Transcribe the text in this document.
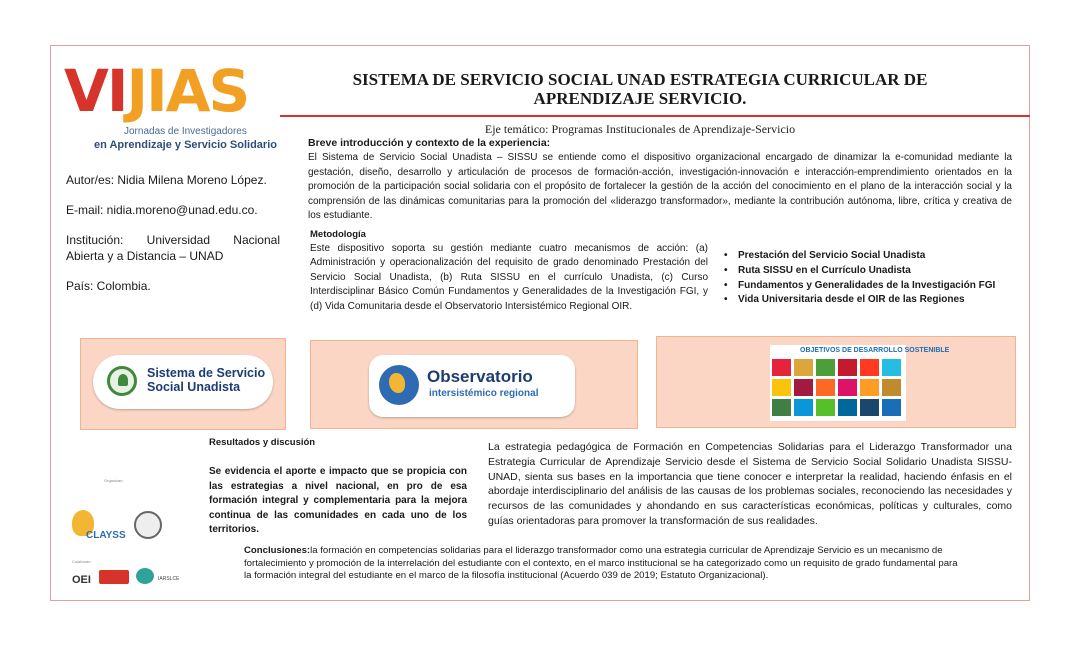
VIJIAS
Jornadas de Investigadores
en Aprendizaje y Servicio Solidario
SISTEMA DE SERVICIO SOCIAL UNAD ESTRATEGIA CURRICULAR DE
APRENDIZAJE SERVICIO.
Eje temático: Programas Institucionales de Aprendizaje-Servicio
Breve introducción y contexto de la experiencia:
El Sistema de Servicio Social Unadista – SISSU se entiende como el dispositivo organizacional encargado de dinamizar la e-comunidad mediante la gestación, diseño, desarrollo y articulación de procesos de formación-acción, investigación-innovación e interacción-emprendimiento orientados en la promoción de la participación social solidaria con el propósito de fortalecer la gestión de la acción del conocimiento en el plano de la interacción social y la comprensión de las dinámicas comunitarias para la promoción del «liderazgo transformador», mediante la contribución autónoma, libre, crítica y creativa de los estudiante.

Autor/es: Nidia Milena Moreno López.

E-mail: nidia.moreno@unad.edu.co.

Institución: Universidad Nacional Abierta y a Distancia – UNAD

País: Colombia.

Metodología
Este dispositivo soporta su gestión mediante cuatro mecanismos de acción: (a) Administración y operacionalización del requisito de grado denominado Prestación del Servicio Social Unadista, (b) Ruta SISSU en el currículo Unadista, (c) Curso Interdisciplinar Básico Común Fundamentos y Generalidades de la Investigación FGI, y (d) Vida Comunitaria desde el Observatorio Intersistémico Regional OIR.
• Prestación del Servicio Social Unadista
• Ruta SISSU en el Currículo Unadista
• Fundamentos y Generalidades de la Investigación FGI
• Vida Universitaria desde el OIR de las Regiones
Sistema de Servicio
Social Unadista
Observatorio
intersistémico regional
OBJETIVOS DE DESARROLLO SOSTENIBLE
Resultados y discusión
Se evidencia el aporte e impacto que se propicia con las estrategias a nivel nacional, en pro de esa formación integral y complementaria para la mejora continua de las comunidades en cada uno de los territorios.
La estrategia pedagógica de Formación en Competencias Solidarias para el Liderazgo Transformador una Estrategia Curricular de Aprendizaje Servicio desde el Sistema de Servicio Social Solidario Unadista SISSU-UNAD, sienta sus bases en la importancia que tiene conocer e interpretar la realidad, haciendo énfasis en el abordaje interdisciplinario del análisis de las causas de los problemas sociales, reconociendo las necesidades y recursos de las comunidades y ahondando en sus características económicas, políticas y culturales, como guías orientadoras para promover la transformación de sus realidades.
Organizan:
CLAYSS
Colaboran:
OEI	IARSLCE
Conclusiones:la formación en competencias solidarias para el liderazgo transformador como una estrategia curricular de Aprendizaje Servicio es un mecanismo de fortalecimiento y promoción de la interrelación del estudiante con el contexto, en el marco institucional se ha categorizado como un requisito de grado fundamental para la formación integral del estudiante en el marco de la filosofía institucional (Acuerdo 039 de 2019; Estatuto Organizacional).
